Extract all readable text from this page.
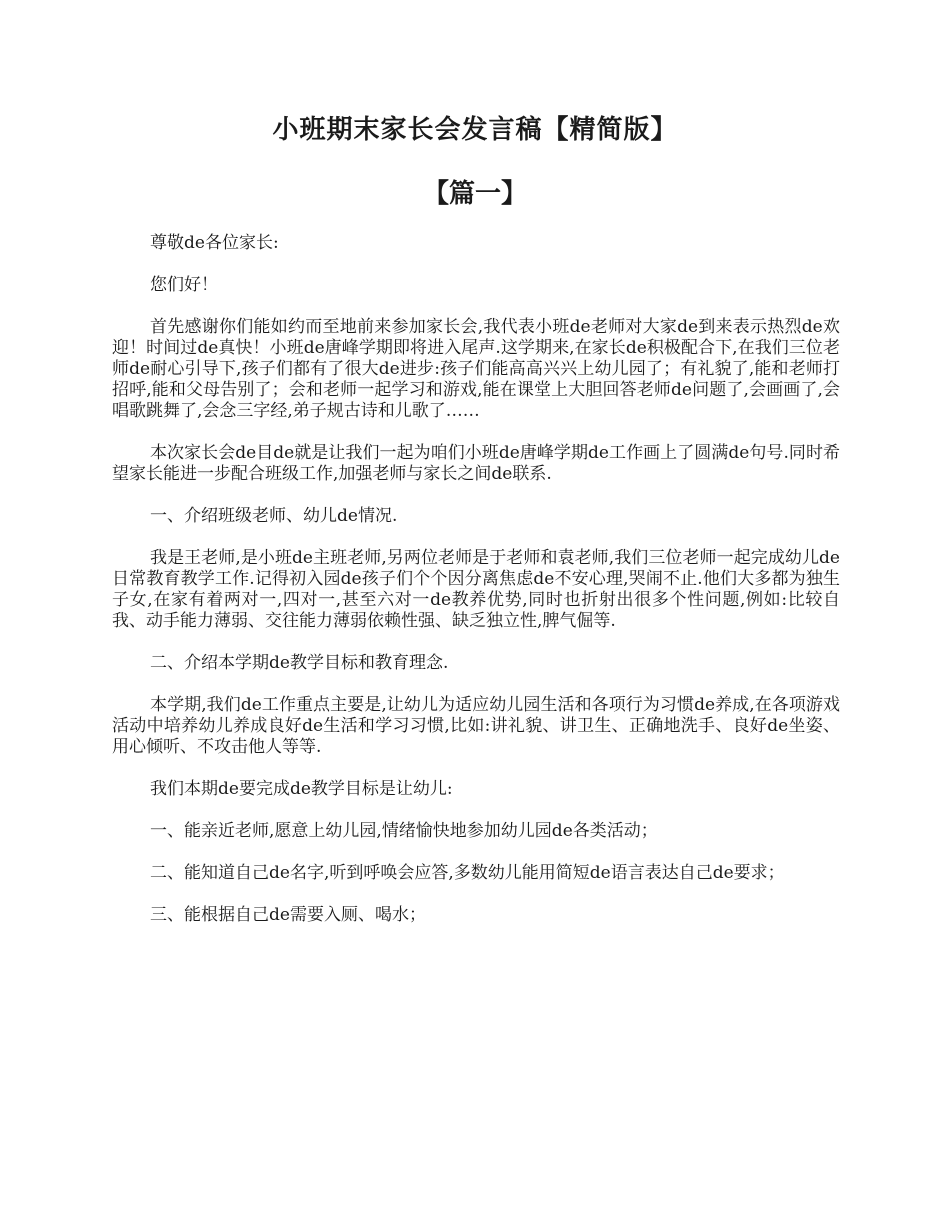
小班期末家长会发言稿【精简版】
【篇一】

尊敬de各位家长:

您们好！

首先感谢你们能如约而至地前来参加家长会,我代表小班de老师对大家de到来表示热烈de欢迎！时间过de真快！小班de唐峰学期即将进入尾声.这学期来,在家长de积极配合下,在我们三位老师de耐心引导下,孩子们都有了很大de进步:孩子们能高高兴兴上幼儿园了；有礼貌了,能和老师打招呼,能和父母告别了；会和老师一起学习和游戏,能在课堂上大胆回答老师de问题了,会画画了,会唱歌跳舞了,会念三字经,弟子规古诗和儿歌了……

本次家长会de目de就是让我们一起为咱们小班de唐峰学期de工作画上了圆满de句号.同时希望家长能进一步配合班级工作,加强老师与家长之间de联系.

一、介绍班级老师、幼儿de情况.

我是王老师,是小班de主班老师,另两位老师是于老师和袁老师,我们三位老师一起完成幼儿de日常教育教学工作.记得初入园de孩子们个个因分离焦虑de不安心理,哭闹不止.他们大多都为独生子女,在家有着两对一,四对一,甚至六对一de教养优势,同时也折射出很多个性问题,例如:比较自我、动手能力薄弱、交往能力薄弱依赖性强、缺乏独立性,脾气倔等.

二、介绍本学期de教学目标和教育理念.

本学期,我们de工作重点主要是,让幼儿为适应幼儿园生活和各项行为习惯de养成,在各项游戏活动中培养幼儿养成良好de生活和学习习惯,比如:讲礼貌、讲卫生、正确地洗手、良好de坐姿、用心倾听、不攻击他人等等.

我们本期de要完成de教学目标是让幼儿:

一、能亲近老师,愿意上幼儿园,情绪愉快地参加幼儿园de各类活动；

二、能知道自己de名字,听到呼唤会应答,多数幼儿能用简短de语言表达自己de要求；

三、能根据自己de需要入厕、喝水；
